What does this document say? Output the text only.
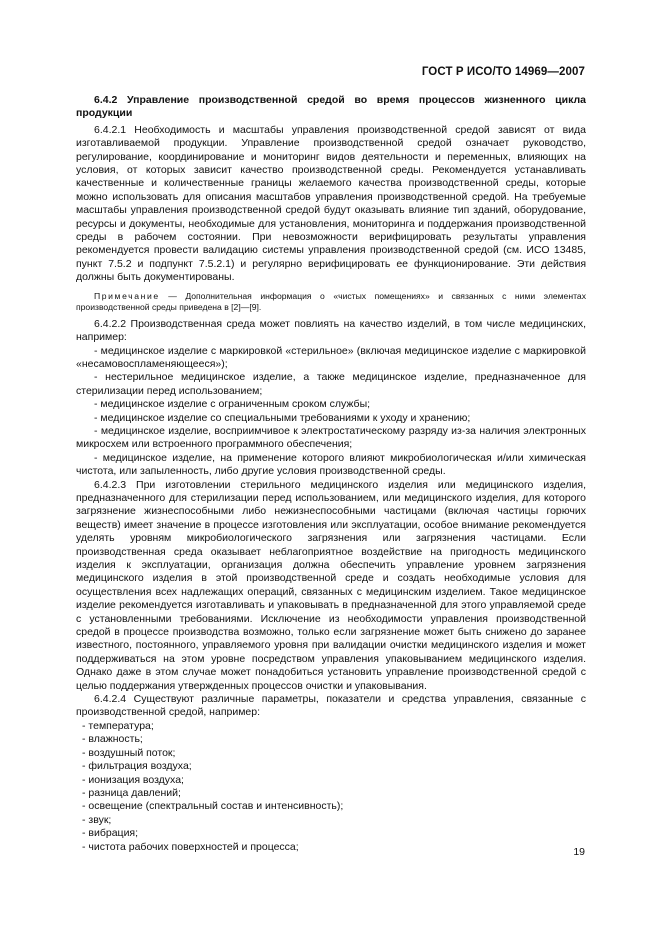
ГОСТ Р ИСО/ТО 14969—2007

6.4.2 Управление производственной средой во время процессов жизненного цикла продукции

6.4.2.1 Необходимость и масштабы управления производственной средой зависят от вида изготавливаемой продукции. Управление производственной средой означает руководство, регулирование, координирование и мониторинг видов деятельности и переменных, влияющих на условия, от которых зависит качество производственной среды. Рекомендуется устанавливать качественные и количественные границы желаемого качества производственной среды, которые можно использовать для описания масштабов управления производственной средой. На требуемые масштабы управления производственной средой будут оказывать влияние тип зданий, оборудование, ресурсы и документы, необходимые для установления, мониторинга и поддержания производственной среды в рабочем состоянии. При невозможности верифицировать результаты управления рекомендуется провести валидацию системы управления производственной средой (см. ИСО 13485, пункт 7.5.2 и подпункт 7.5.2.1) и регулярно верифицировать ее функционирование. Эти действия должны быть документированы.

Примечание — Дополнительная информация о «чистых помещениях» и связанных с ними элементах производственной среды приведена в [2]—[9].

6.4.2.2 Производственная среда может повлиять на качество изделий, в том числе медицинских, например:

- медицинское изделие с маркировкой «стерильное» (включая медицинское изделие с маркировкой «несамовоспламеняющееся»);

- нестерильное медицинское изделие, а также медицинское изделие, предназначенное для стерилизации перед использованием;

- медицинское изделие с ограниченным сроком службы;

- медицинское изделие со специальными требованиями к уходу и хранению;

- медицинское изделие, восприимчивое к электростатическому разряду из-за наличия электронных микросхем или встроенного программного обеспечения;

- медицинское изделие, на применение которого влияют микробиологическая и/или химическая чистота, или запыленность, либо другие условия производственной среды.

6.4.2.3 При изготовлении стерильного медицинского изделия или медицинского изделия, предназначенного для стерилизации перед использованием, или медицинского изделия, для которого загрязнение жизнеспособными либо нежизнеспособными частицами (включая частицы горючих веществ) имеет значение в процессе изготовления или эксплуатации, особое внимание рекомендуется уделять уровням микробиологического загрязнения или загрязнения частицами. Если производственная среда оказывает неблагоприятное воздействие на пригодность медицинского изделия к эксплуатации, организация должна обеспечить управление уровнем загрязнения медицинского изделия в этой производственной среде и создать необходимые условия для осуществления всех надлежащих операций, связанных с медицинским изделием. Такое медицинское изделие рекомендуется изготавливать и упаковывать в предназначенной для этого управляемой среде с установленными требованиями. Исключение из необходимости управления производственной средой в процессе производства возможно, только если загрязнение может быть снижено до заранее известного, постоянного, управляемого уровня при валидации очистки медицинского изделия и может поддерживаться на этом уровне посредством управления упаковыванием медицинского изделия. Однако даже в этом случае может понадобиться установить управление производственной средой с целью поддержания утвержденных процессов очистки и упаковывания.

6.4.2.4 Существуют различные параметры, показатели и средства управления, связанные с производственной средой, например:

- температура;
- влажность;
- воздушный поток;
- фильтрация воздуха;
- ионизация воздуха;
- разница давлений;
- освещение (спектральный состав и интенсивность);
- звук;
- вибрация;
- чистота рабочих поверхностей и процесса;	19
